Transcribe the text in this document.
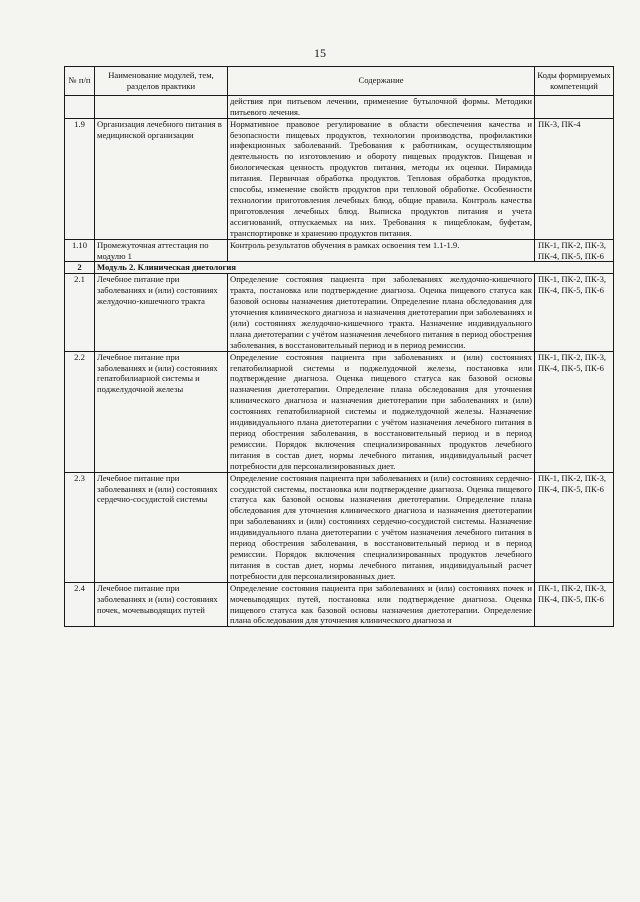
15
№ п/п	Наименование модулей, тем, разделов практики	Содержание	Коды формируемых компетенций
		действия при питьевом лечении, применение бутылочной формы. Методики питьевого лечения.	
1.9	Организация лечебного питания в медицинской организации	Нормативное правовое регулирование в области обеспечения качества и безопасности пищевых продуктов, технологии производства, профилактики инфекционных заболеваний. Требования к работникам, осуществляющим деятельность по изготовлению и обороту пищевых продуктов. Пищевая и биологическая ценность продуктов питания, методы их оценки. Пирамида питания. Первичная обработка продуктов. Тепловая обработка продуктов, способы, изменение свойств продуктов при тепловой обработке. Особенности технологии приготовления лечебных блюд, общие правила. Контроль качества приготовления лечебных блюд. Выписка продуктов питания и учета ассигнований, отпускаемых на них. Требования к пищеблокам, буфетам, транспортировке и хранению продуктов питания.	ПК-3, ПК-4
1.10	Промежуточная аттестация по модулю 1	Контроль результатов обучения в рамках освоения тем 1.1-1.9.	ПК-1, ПК-2, ПК-3, ПК-4, ПК-5, ПК-6
2	Модуль 2. Клиническая диетология		
2.1	Лечебное питание при заболеваниях и (или) состояниях желудочно-кишечного тракта	Определение состояния пациента при заболеваниях желудочно-кишечного тракта, постановка или подтверждение диагноза. Оценка пищевого статуса как базовой основы назначения диетотерапии. Определение плана обследования для уточнения клинического диагноза и назначения диетотерапии при заболеваниях и (или) состояниях желудочно-кишечного тракта. Назначение индивидуального плана диетотерапии с учётом назначения лечебного питания в период обострения заболевания, в восстановительный период и в период ремиссии.	ПК-1, ПК-2, ПК-3, ПК-4, ПК-5, ПК-6
2.2	Лечебное питание при заболеваниях и (или) состояниях гепатобилиарной системы и поджелудочной железы	Определение состояния пациента при заболеваниях и (или) состояниях гепатобилиарной системы и поджелудочной железы, постановка или подтверждение диагноза. Оценка пищевого статуса как базовой основы назначения диетотерапии. Определение плана обследования для уточнения клинического диагноза и назначения диетотерапии при заболеваниях и (или) состояниях гепатобилиарной системы и поджелудочной железы. Назначение индивидуального плана диетотерапии с учётом назначения лечебного питания в период обострения заболевания, в восстановительный период и в период ремиссии. Порядок включения специализированных продуктов лечебного питания в состав диет, нормы лечебного питания, индивидуальный расчет потребности для персонализированных диет.	ПК-1, ПК-2, ПК-3, ПК-4, ПК-5, ПК-6
2.3	Лечебное питание при заболеваниях и (или) состояниях сердечно-сосудистой системы	Определение состояния пациента при заболеваниях и (или) состояниях сердечно-сосудистой системы, постановка или подтверждение диагноза. Оценка пищевого статуса как базовой основы назначения диетотерапии. Определение плана обследования для уточнения клинического диагноза и назначения диетотерапии при заболеваниях и (или) состояниях сердечно-сосудистой системы. Назначение индивидуального плана диетотерапии с учётом назначения лечебного питания в период обострения заболевания, в восстановительный период и в период ремиссии. Порядок включения специализированных продуктов лечебного питания в состав диет, нормы лечебного питания, индивидуальный расчет потребности для персонализированных диет.	ПК-1, ПК-2, ПК-3, ПК-4, ПК-5, ПК-6
2.4	Лечебное питание при заболеваниях и (или) состояниях почек, мочевыводящих путей	Определение состояния пациента при заболеваниях и (или) состояниях почек и мочевыводящих путей, постановка или подтверждение диагноза. Оценка пищевого статуса как базовой основы назначения диетотерапии. Определение плана обследования для уточнения клинического диагноза и	ПК-1, ПК-2, ПК-3, ПК-4, ПК-5, ПК-6
